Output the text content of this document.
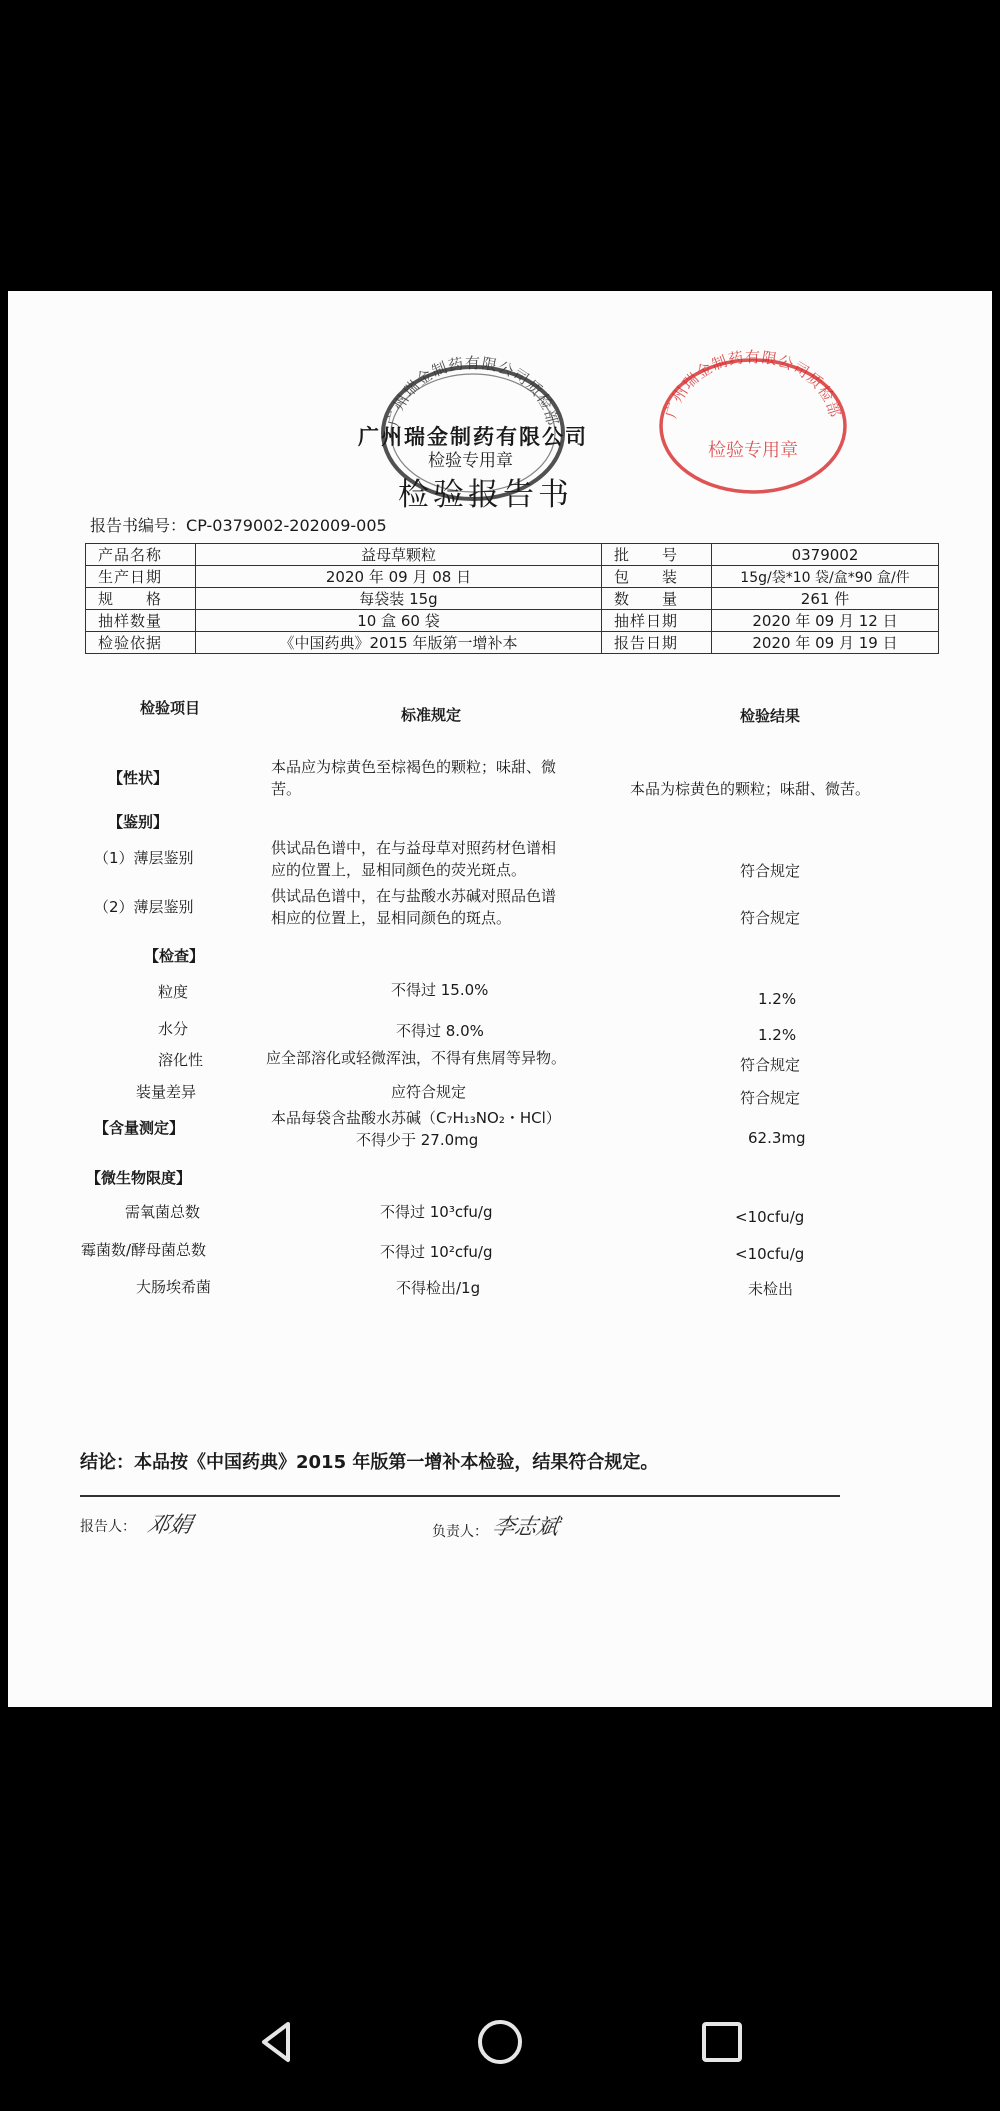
广州瑞金制药有限公司质检部	广州瑞金制药有限公司质检部
检验专用章
广州瑞金制药有限公司
检验专用章
检验报告书
报告书编号：CP-0379002-202009-005
产品名称	益母草颗粒	批　　号	0379002
生产日期	2020 年 09 月 08 日	包　　装	15g/袋*10 袋/盒*90 盒/件
规　　格	每袋装 15g	数　　量	261 件
抽样数量	10 盒 60 袋	抽样日期	2020 年 09 月 12 日
检验依据	《中国药典》2015 年版第一增补本	报告日期	2020 年 09 月 19 日
检验项目	标准规定	检验结果
【性状】
本品应为棕黄色至棕褐色的颗粒；味甜、微
苦。	本品为棕黄色的颗粒；味甜、微苦。
【鉴别】
（1）薄层鉴别
供试品色谱中，在与益母草对照药材色谱相
应的位置上，显相同颜色的荧光斑点。	符合规定
（2）薄层鉴别
供试品色谱中，在与盐酸水苏碱对照品色谱
相应的位置上，显相同颜色的斑点。	符合规定
【检查】
粒度	不得过 15.0%	1.2%
水分	不得过 8.0%	1.2%
溶化性	应全部溶化或轻微浑浊，不得有焦屑等异物。	符合规定
装量差异	应符合规定	符合规定
【含量测定】
本品每袋含盐酸水苏碱（C₇H₁₃NO₂・HCl）
不得少于 27.0mg	62.3mg
【微生物限度】
需氧菌总数	不得过 10³cfu/g	<10cfu/g
霉菌数/酵母菌总数	不得过 10²cfu/g	<10cfu/g
大肠埃希菌	不得检出/1g	未检出
结论：本品按《中国药典》2015 年版第一增补本检验，结果符合规定。
报告人： 邓娟	负责人： 李志斌
